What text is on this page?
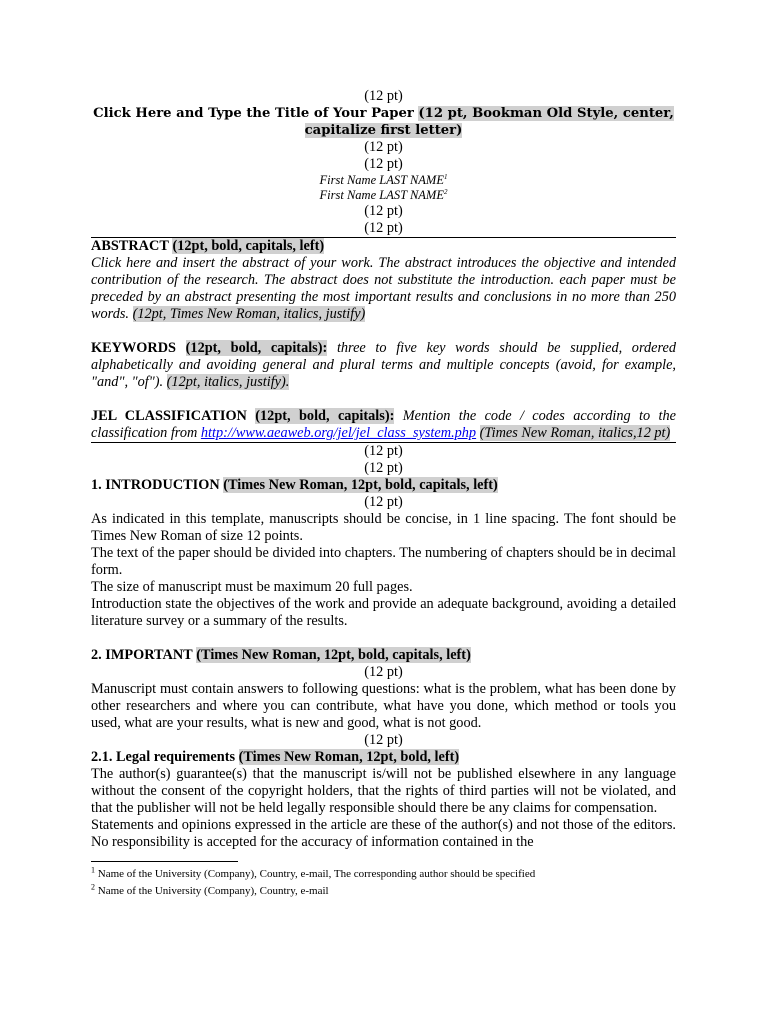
(12 pt)

Click Here and Type the Title of Your Paper (12 pt, Bookman Old Style, center, capitalize first letter)

(12 pt)

(12 pt)

First Name LAST NAME$^1$

First Name LAST NAME$^2$

(12 pt)

(12 pt)

ABSTRACT (12pt, bold, capitals, left)

Click here and insert the abstract of your work. The abstract introduces the objective and intended contribution of the research. The abstract does not substitute the introduction. each paper must be preceded by an abstract presenting the most important results and conclusions in no more than 250 words. (12pt, Times New Roman, italics, justify)

KEYWORDS (12pt, bold, capitals): three to five key words should be supplied, ordered alphabetically and avoiding general and plural terms and multiple concepts (avoid, for example, "and", "of"). (12pt, italics, justify).

JEL CLASSIFICATION (12pt, bold, capitals): Mention the code / codes according to the classification from http://www.aeaweb.org/jel/jel_class_system.php (Times New Roman, italics,12 pt)

(12 pt)

(12 pt)

1. INTRODUCTION (Times New Roman, 12pt, bold, capitals, left)

(12 pt)

As indicated in this template, manuscripts should be concise, in 1 line spacing. The font should be Times New Roman of size 12 points.

The text of the paper should be divided into chapters. The numbering of chapters should be in decimal form.

The size of manuscript must be maximum 20 full pages.

Introduction state the objectives of the work and provide an adequate background, avoiding a detailed literature survey or a summary of the results.

2. IMPORTANT (Times New Roman, 12pt, bold, capitals, left)

(12 pt)

Manuscript must contain answers to following questions: what is the problem, what has been done by other researchers and where you can contribute, what have you done, which method or tools you used, what are your results, what is new and good, what is not good.

(12 pt)

2.1. Legal requirements (Times New Roman, 12pt, bold, left)

The author(s) guarantee(s) that the manuscript is/will not be published elsewhere in any language without the consent of the copyright holders, that the rights of third parties will not be violated, and that the publisher will not be held legally responsible should there be any claims for compensation.

Statements and opinions expressed in the article are these of the author(s) and not those of the editors. No responsibility is accepted for the accuracy of information contained in the

$^1$ Name of the University (Company), Country, e-mail, The corresponding author should be specified

$^2$ Name of the University (Company), Country, e-mail
